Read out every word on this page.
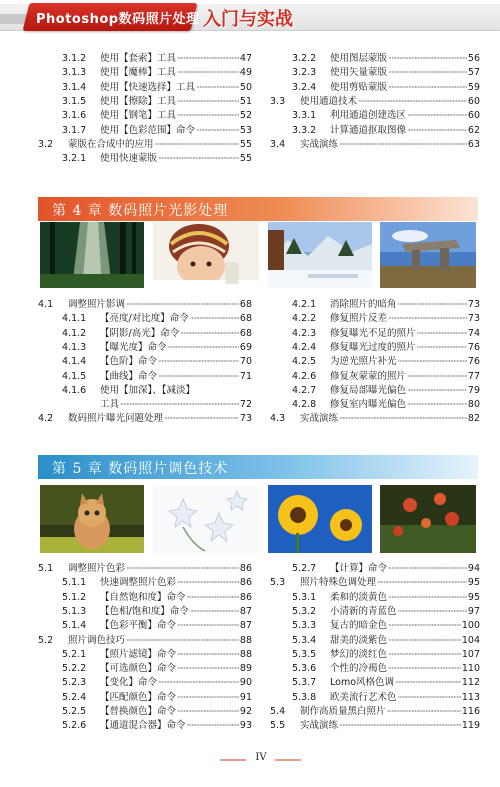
Photoshop数码照片处理 入门与实战
3.1.2	使用【套索】工具 ·····	47
3.1.3	使用【魔棒】工具 ·····	49
3.1.4	使用【快速选择】工具 ·····	50
3.1.5	使用【擦除】工具 ·····	51
3.1.6	使用【钢笔】工具 ·····	52
3.1.7	使用【色彩范围】命令 ·····	53
3.2	蒙版在合成中的应用 ·····	55
3.2.1	使用快速蒙版 ·····	55
3.2.2	使用图层蒙版 ·····	56
3.2.3	使用矢量蒙版 ·····	57
3.2.4	使用剪贴蒙版 ·····	59
3.3	使用通道技术 ·····	60
3.3.1	利用通道创建选区 ·····	60
3.3.2	计算通道抠取图像 ·····	62
3.4	实战演练 ·····	63
第 4 章 数码照片光影处理
4.1	调整照片影调 ·····	68
4.1.1	【亮度/对比度】命令 ·····	68
4.1.2	【阴影/高光】命令 ·····	68
4.1.3	【曝光度】命令 ·····	69
4.1.4	【色阶】命令 ·····	70
4.1.5	【曲线】命令 ·····	71
4.1.6	使用【加深】、【减淡】
工具 ·····	72
4.2	数码照片曝光问题处理 ·····	73
4.2.1	消除照片的暗角 ·····	73
4.2.2	修复照片反差 ·····	73
4.2.3	修复曝光不足的照片 ·····	74
4.2.4	修复曝光过度的照片 ·····	76
4.2.5	为逆光照片补光 ·····	76
4.2.6	修复灰蒙蒙的照片 ·····	77
4.2.7	修复局部曝光偏色 ·····	79
4.2.8	修复室内曝光偏色 ·····	80
4.3	实战演练 ·····	82
第 5 章 数码照片调色技术
5.1	调整照片色彩 ·····	86
5.1.1	快速调整照片色彩 ·····	86
5.1.2	【自然饱和度】命令 ·····	86
5.1.3	【色相/饱和度】命令 ·····	87
5.1.4	【色彩平衡】命令 ·····	87
5.2	照片调色技巧 ·····	88
5.2.1	【照片滤镜】命令 ·····	88
5.2.2	【可选颜色】命令 ·····	89
5.2.3	【变化】命令 ·····	90
5.2.4	【匹配颜色】命令 ·····	91
5.2.5	【替换颜色】命令 ·····	92
5.2.6	【通道混合器】命令 ·····	93
5.2.7	【计算】命令 ·····	94
5.3	照片特殊色调处理 ·····	95
5.3.1	柔和的淡黄色 ·····	95
5.3.2	小清新的青蓝色 ·····	97
5.3.3	复古的暗金色 ·····	100
5.3.4	甜美的淡紫色 ·····	104
5.3.5	梦幻的淡红色 ·····	107
5.3.6	个性的冷褐色 ·····	110
5.3.7	Lomo风格色调 ·····	112
5.3.8	欧美流行艺术色 ·····	113
5.4	制作高质量黑白照片 ·····	116
5.5	实战演练 ·····	119
IV
